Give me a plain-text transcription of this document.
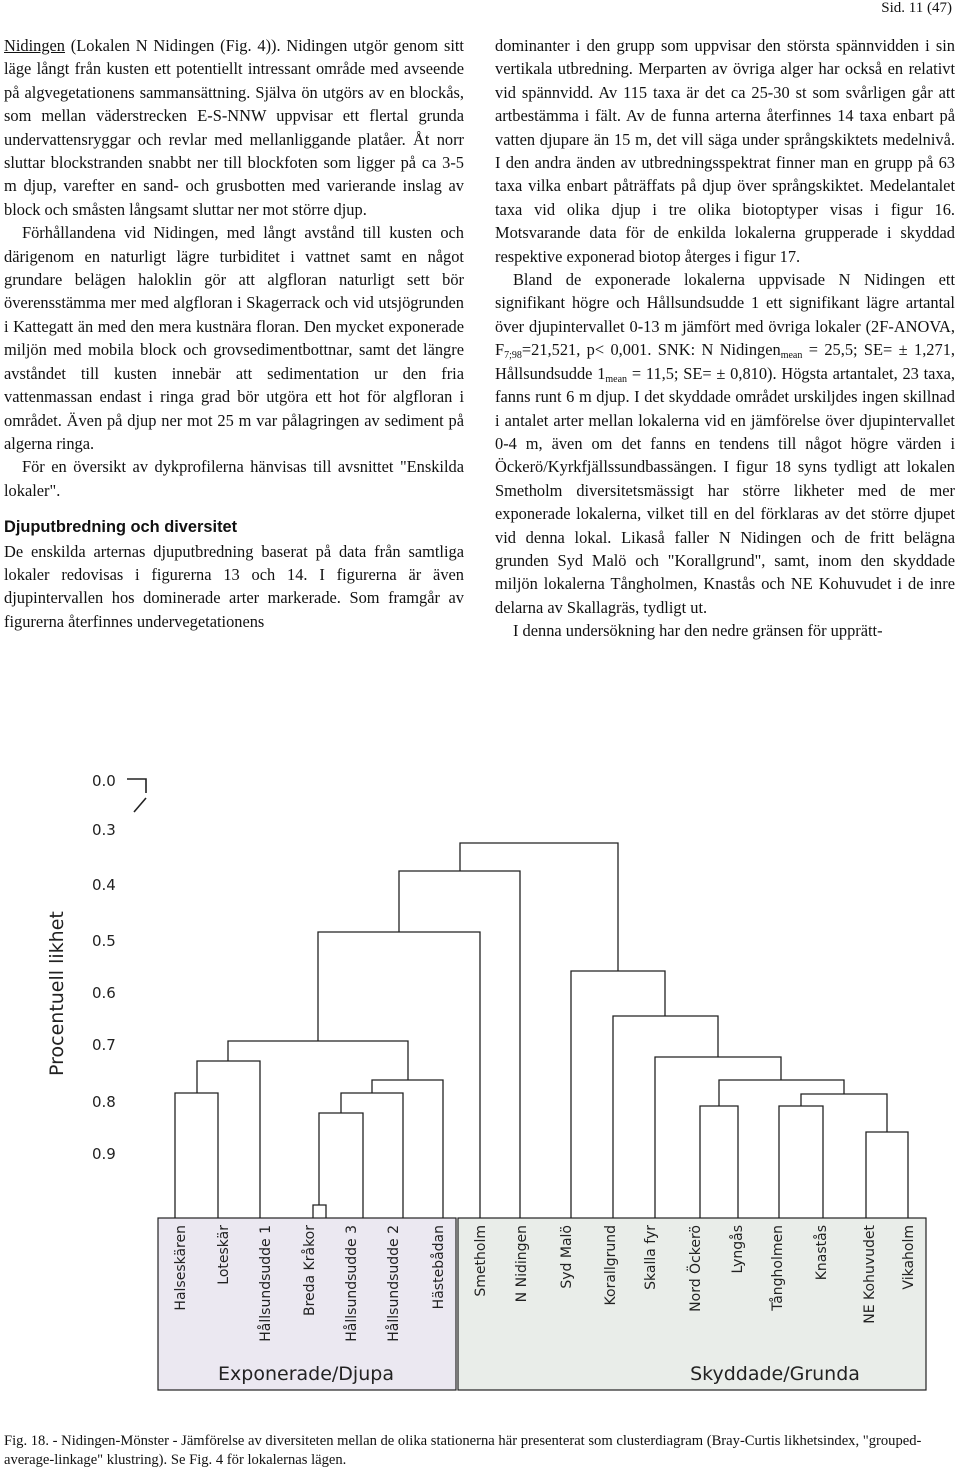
Sid. 11 (47)

Nidingen (Lokalen N Nidingen (Fig. 4)). Nidingen utgör genom sitt läge långt från kusten ett potentiellt intressant område med avseende på algvegetationens sammansättning. Själva ön utgörs av en blockås, som mellan väderstrecken E-S-NNW uppvisar ett flertal grunda undervattensryggar och revlar med mellanliggande platåer. Åt norr sluttar blockstranden snabbt ner till blockfoten som ligger på ca 3-5 m djup, varefter en sand- och grusbotten med varierande inslag av block och småsten långsamt sluttar ner mot större djup.

Förhållandena vid Nidingen, med långt avstånd till kusten och därigenom en naturligt lägre turbiditet i vattnet samt en något grundare belägen haloklin gör att algfloran naturligt sett bör överensstämma mer med algfloran i Skagerrack och vid utsjögrunden i Kattegatt än med den mera kustnära floran. Den mycket exponerade miljön med mobila block och grovsedimentbottnar, samt det längre avståndet till kusten innebär att sedimentation ur den fria vattenmassan endast i ringa grad bör utgöra ett hot för algfloran i området. Även på djup ner mot 25 m var pålagringen av sediment på algerna ringa.

För en översikt av dykprofilerna hänvisas till avsnittet "Enskilda lokaler".

Djuputbredning och diversitet

De enskilda arternas djuputbredning baserat på data från samtliga lokaler redovisas i figurerna 13 och 14. I figurerna är även djupintervallen hos dominerade arter markerade. Som framgår av figurerna återfinnes undervegetationens

dominanter i den grupp som uppvisar den största spännvidden i sin vertikala utbredning. Merparten av övriga alger har också en relativt vid spännvidd. Av 115 taxa är det ca 25-30 st som svårligen går att artbestämma i fält. Av de funna arterna återfinnes 14 taxa enbart på vatten djupare än 15 m, det vill säga under språngskiktets medelnivå. I den andra änden av utbredningsspektrat finner man en grupp på 63 taxa vilka enbart påträffats på djup över språngskiktet. Medelantalet taxa vid olika djup i tre olika biotoptyper visas i figur 16. Motsvarande data för de enkilda lokalerna grupperade i skyddad respektive exponerad biotop återges i figur 17.

Bland de exponerade lokalerna uppvisade N Nidingen ett signifikant högre och Hållsundsudde 1 ett signifikant lägre artantal över djupintervallet 0-13 m jämfört med övriga lokaler (2F-ANOVA, $F_{7;98}=21,521$, p< 0,001. SNK: N Nidingen$_{mean}$ = 25,5; SE= ± 1,271, Hållsundsudde $1_{mean} = 11,5$; SE= ± 0,810). Högsta artantalet, 23 taxa, fanns runt 6 m djup. I det skyddade området urskiljdes ingen skillnad i antalet arter mellan lokalerna vid en jämförelse över djupintervallet 0-4 m, även om det fanns en tendens till något högre värden i Öckerö/Kyrkfjällssundbassängen. I figur 18 syns tydligt att lokalen Smetholm diversitetsmässigt har större likheter med de mer exponerade lokalerna, vilket till en del förklaras av det större djupet vid denna lokal. Likaså faller N Nidingen och de fritt belägna grunden Syd Malö och "Korallgrund", samt, inom den skyddade miljön lokalerna Tångholmen, Knastås och NE Kohuvudet i de inre delarna av Skallagräs, tydligt ut.

I denna undersökning har den nedre gränsen för upprätt-

0.0
0.3
0.4
0.5
0.6
0.7
0.8
0.9
Procentuell likhet
Halseskären Loteskär Hållsundsudde 1 Breda Kråkor Hållsundsudde 3 Hållsundsudde 2 Hästebådan Smetholm N Nidingen Syd Malö Korallgrund Skalla fyr Nord Öckerö Lyngås Tångholmen Knastås NE Kohuvudet Vikaholm
Exponerade/Djupa	Skyddade/Grunda
Fig. 18. - Nidingen-Mönster - Jämförelse av diversiteten mellan de olika stationerna här presenterat som clusterdiagram (Bray-Curtis likhetsindex, "grouped-average-linkage" klustring). Se Fig. 4 för lokalernas lägen.
